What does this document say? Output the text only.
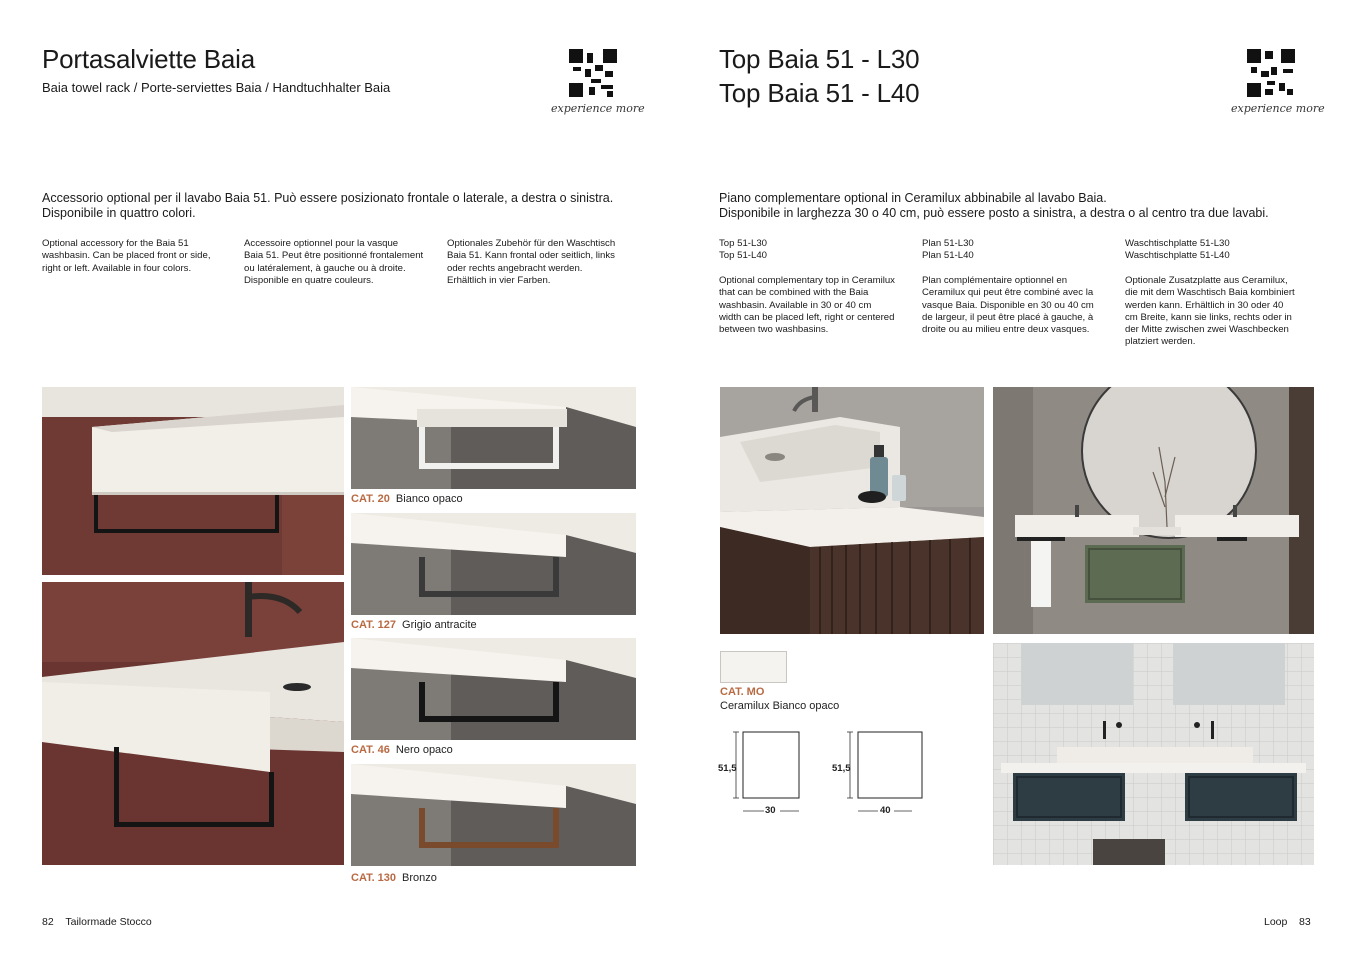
Portasalviette Baia
Baia towel rack / Porte-serviettes Baia / Handtuchhalter Baia
experience more
Accessorio optional per il lavabo Baia 51. Può essere posizionato frontale o laterale, a destra o sinistra.
Disponibile in quattro colori.
Optional accessory for the Baia 51
washbasin. Can be placed front or side,
right or left. Available in four colors.
Accessoire optionnel pour la vasque
Baia 51. Peut être positionné frontalement
ou latéralement, à gauche ou à droite.
Disponible en quatre couleurs.
Optionales Zubehör für den Waschtisch
Baia 51. Kann frontal oder seitlich, links
oder rechts angebracht werden.
Erhältlich in vier Farben.
CAT. 20 Bianco opaco
CAT. 127 Grigio antracite
CAT. 46 Nero opaco
CAT. 130 Bronzo
82 Tailormade Stocco
Top Baia 51 - L30
Top Baia 51 - L40
experience more
Piano complementare optional in Ceramilux abbinabile al lavabo Baia.
Disponibile in larghezza 30 o 40 cm, può essere posto a sinistra, a destra o al centro tra due lavabi.
Top 51-L30
Top 51-L40
Plan 51-L30
Plan 51-L40
Waschtischplatte 51-L30
Waschtischplatte 51-L40
Optional complementary top in Ceramilux
that can be combined with the Baia
washbasin. Available in 30 or 40 cm
width can be placed left, right or centered
between two washbasins.
Plan complémentaire optionnel en
Ceramilux qui peut être combiné avec la
vasque Baia. Disponible en 30 ou 40 cm
de largeur, il peut être placé à gauche, à
droite ou au milieu entre deux vasques.
Optionale Zusatzplatte aus Ceramilux,
die mit dem Waschtisch Baia kombiniert
werden kann. Erhältlich in 30 oder 40
cm Breite, kann sie links, rechts oder in
der Mitte zwischen zwei Waschbecken
platziert werden.
CAT. MO
Ceramilux Bianco opaco
51,5
30
51,5
40
Loop 83
